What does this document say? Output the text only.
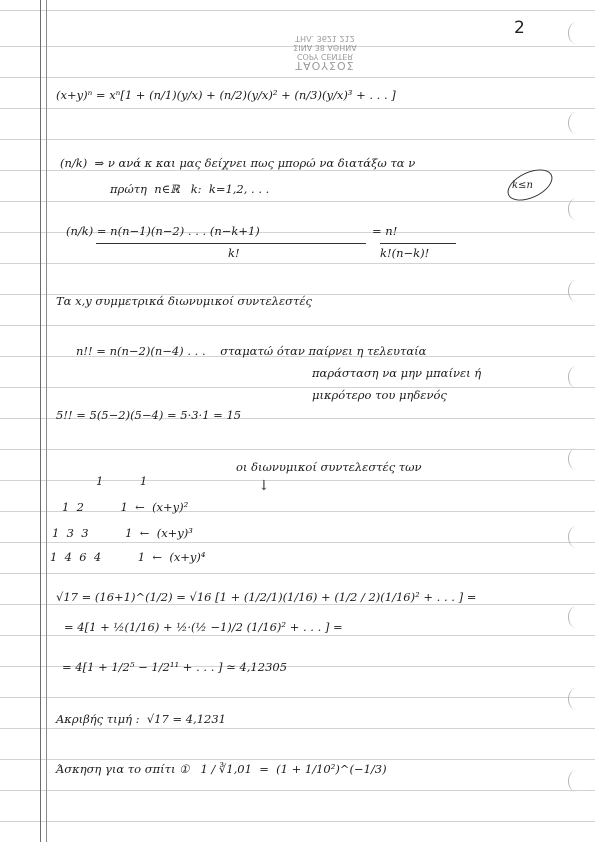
ΤΑΟΥΣΟΣ
COPY CENTER
ΣΙΝΑ 38 ΑΘΗΝΑ
ΤΗΛ. 3621 212
2
(x+y)ⁿ = xⁿ[1 + (n/1)(y/x) + (n/2)(y/x)² + (n/3)(y/x)³ + . . . ]
(n/k)  ⇒ ν ανά κ και μας δείχνει πως μπορώ να διατάξω τα ν
πρώτη  n∈ℝ   k:  k=1,2, . . .	k≤n
(n/k) = n(n−1)(n−2) . . . (n−k+1)
k!
= n!
k!(n−k)!
Τα x,y συμμετρικά διωνυμικοί συντελεστές
n!! = n(n−2)(n−4) . . .    σταματώ όταν παίρνει η τελευταία
παράσταση να μην μπαίνει ή
μικρότερο του μηδενός
5!! = 5(5−2)(5−4) = 5·3·1 = 15
οι διωνυμικοί συντελεστές των
↓
1          1
1  2          1  ←  (x+y)²
1  3  3          1  ←  (x+y)³
1  4  6  4          1  ←  (x+y)⁴
√17 = (16+1)^(1/2) = √16 [1 + (1/2/1)(1/16) + (1/2 / 2)(1/16)² + . . . ] =
= 4[1 + ½(1/16) + ½·(½ −1)/2 (1/16)² + . . . ] =
= 4[1 + 1/2⁵ − 1/2¹¹ + . . . ] ≃ 4,12305
Ακριβής τιμή :  √17 = 4,1231
Άσκηση για το σπίτι ①   1 / ∛1,01  =  (1 + 1/10²)^(−1/3)
